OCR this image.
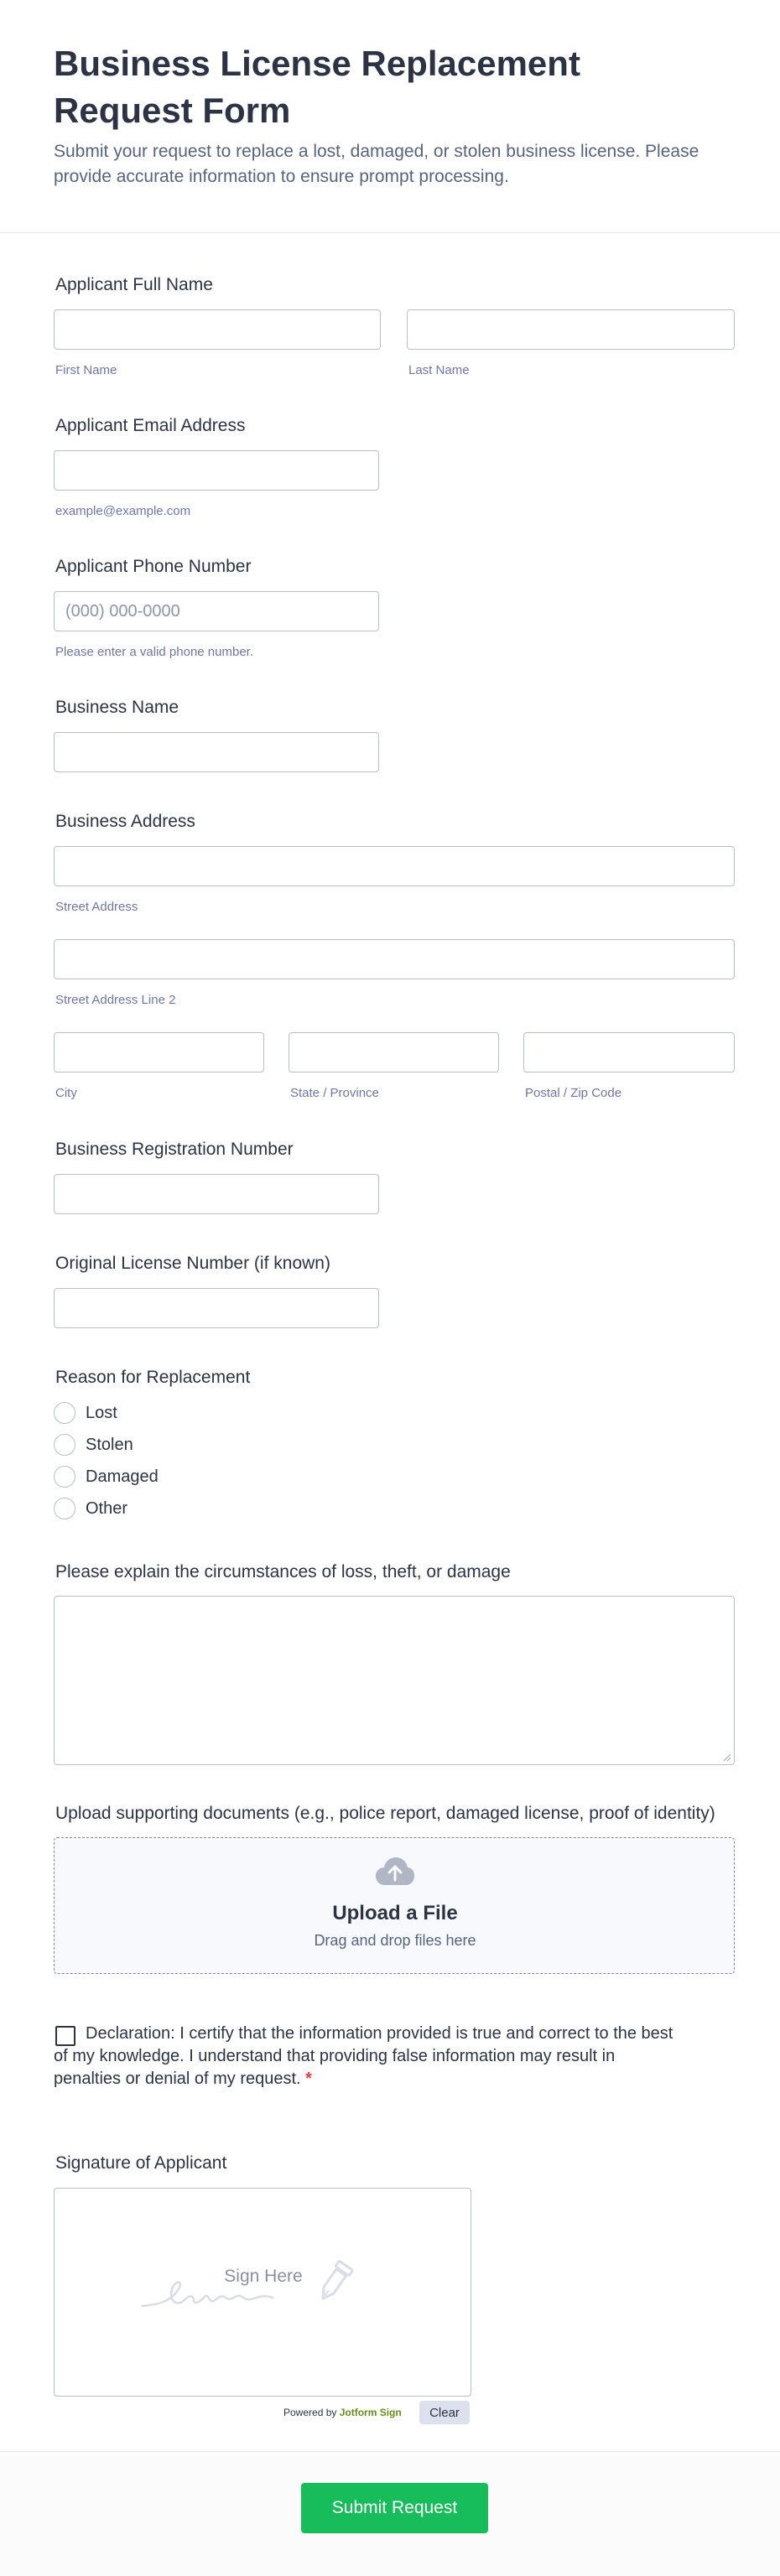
Business License Replacement Request Form

Submit your request to replace a lost, damaged, or stolen business license. Please provide accurate information to ensure prompt processing.

Applicant Full Name
First Name	Last Name
Applicant Email Address
example@example.com
Applicant Phone Number
(000) 000-0000
Please enter a valid phone number.
Business Name
Business Address
Street Address
Street Address Line 2
City	State / Province	Postal / Zip Code
Business Registration Number
Original License Number (if known)
Reason for Replacement
Lost
Stolen
Damaged
Other
Please explain the circumstances of loss, theft, or damage
Upload supporting documents (e.g., police report, damaged license, proof of identity)
Upload a File
Drag and drop files here

Declaration: I certify that the information provided is true and correct to the best of my knowledge. I understand that providing false information may result in penalties or denial of my request. *

Signature of Applicant
Sign Here
Powered by Jotform Sign	Clear
Submit Request
